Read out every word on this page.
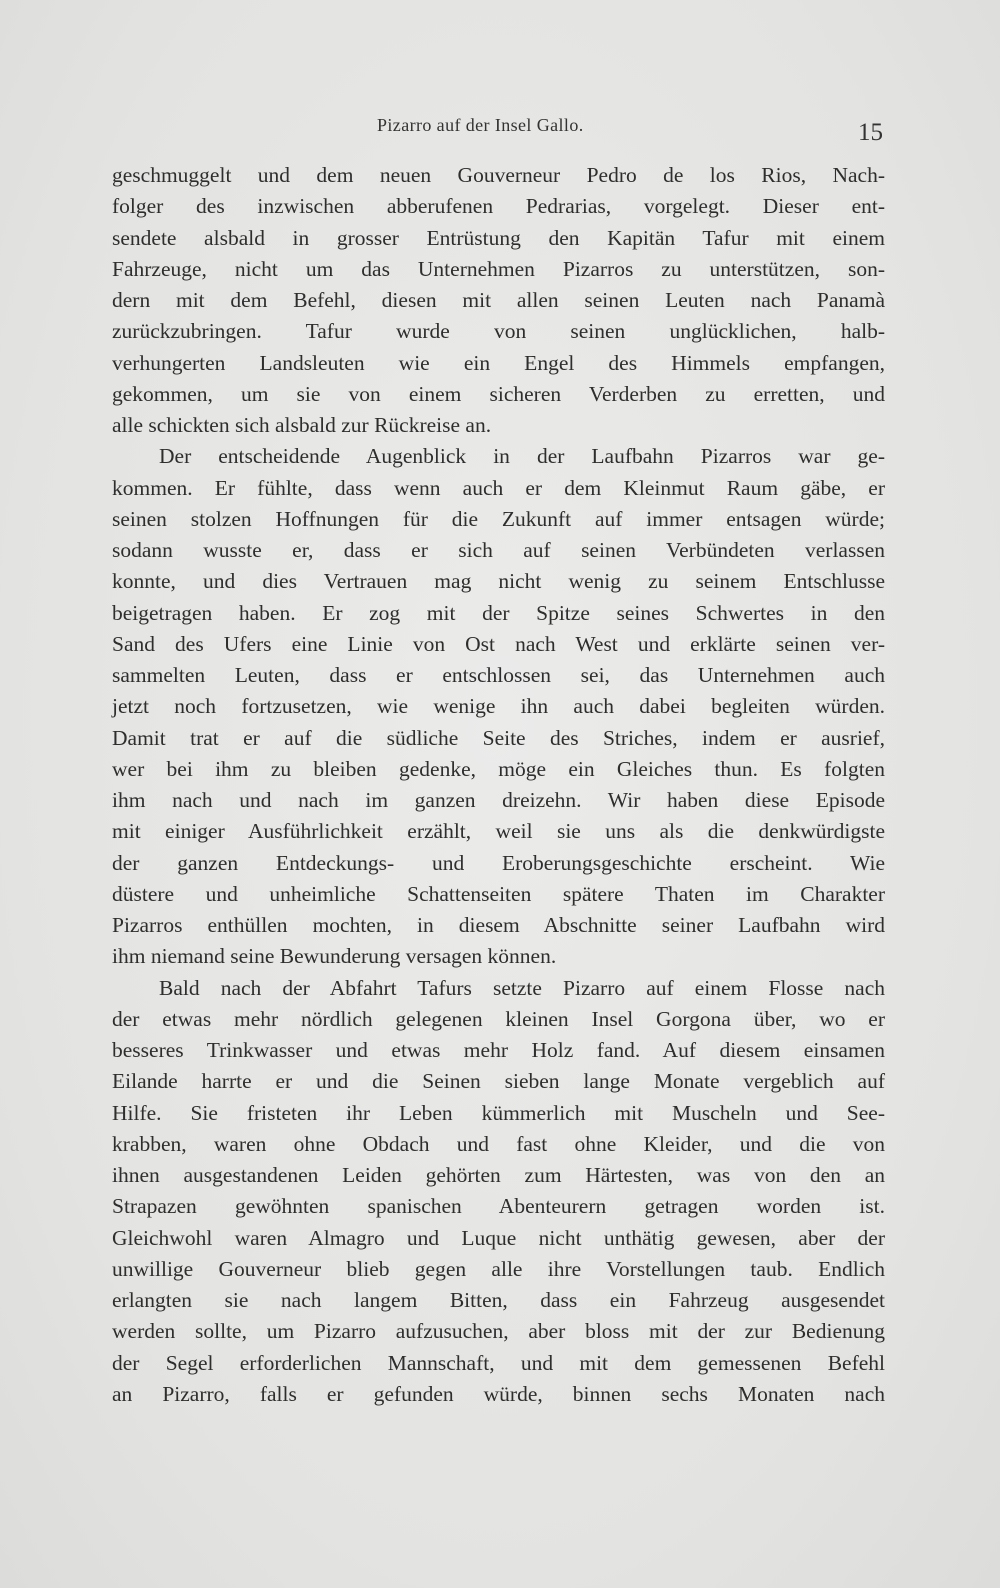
Pizarro auf der Insel Gallo.	15
geschmuggelt und dem neuen Gouverneur Pedro de los Rios, Nach-
folger des inzwischen abberufenen Pedrarias, vorgelegt. Dieser ent-
sendete alsbald in grosser Entrüstung den Kapitän Tafur mit einem
Fahrzeuge, nicht um das Unternehmen Pizarros zu unterstützen, son-
dern mit dem Befehl, diesen mit allen seinen Leuten nach Panamà
zurückzubringen. Tafur wurde von seinen unglücklichen, halb-
verhungerten Landsleuten wie ein Engel des Himmels empfangen,
gekommen, um sie von einem sicheren Verderben zu erretten, und
alle schickten sich alsbald zur Rückreise an.
Der entscheidende Augenblick in der Laufbahn Pizarros war ge-
kommen. Er fühlte, dass wenn auch er dem Kleinmut Raum gäbe, er
seinen stolzen Hoffnungen für die Zukunft auf immer entsagen würde;
sodann wusste er, dass er sich auf seinen Verbündeten verlassen
konnte, und dies Vertrauen mag nicht wenig zu seinem Entschlusse
beigetragen haben. Er zog mit der Spitze seines Schwertes in den
Sand des Ufers eine Linie von Ost nach West und erklärte seinen ver-
sammelten Leuten, dass er entschlossen sei, das Unternehmen auch
jetzt noch fortzusetzen, wie wenige ihn auch dabei begleiten würden.
Damit trat er auf die südliche Seite des Striches, indem er ausrief,
wer bei ihm zu bleiben gedenke, möge ein Gleiches thun. Es folgten
ihm nach und nach im ganzen dreizehn. Wir haben diese Episode
mit einiger Ausführlichkeit erzählt, weil sie uns als die denkwürdigste
der ganzen Entdeckungs- und Eroberungsgeschichte erscheint. Wie
düstere und unheimliche Schattenseiten spätere Thaten im Charakter
Pizarros enthüllen mochten, in diesem Abschnitte seiner Laufbahn wird
ihm niemand seine Bewunderung versagen können.
Bald nach der Abfahrt Tafurs setzte Pizarro auf einem Flosse nach
der etwas mehr nördlich gelegenen kleinen Insel Gorgona über, wo er
besseres Trinkwasser und etwas mehr Holz fand. Auf diesem einsamen
Eilande harrte er und die Seinen sieben lange Monate vergeblich auf
Hilfe. Sie fristeten ihr Leben kümmerlich mit Muscheln und See-
krabben, waren ohne Obdach und fast ohne Kleider, und die von
ihnen ausgestandenen Leiden gehörten zum Härtesten, was von den an
Strapazen gewöhnten spanischen Abenteurern getragen worden ist.
Gleichwohl waren Almagro und Luque nicht unthätig gewesen, aber der
unwillige Gouverneur blieb gegen alle ihre Vorstellungen taub. Endlich
erlangten sie nach langem Bitten, dass ein Fahrzeug ausgesendet
werden sollte, um Pizarro aufzusuchen, aber bloss mit der zur Bedienung
der Segel erforderlichen Mannschaft, und mit dem gemessenen Befehl
an Pizarro, falls er gefunden würde, binnen sechs Monaten nach
